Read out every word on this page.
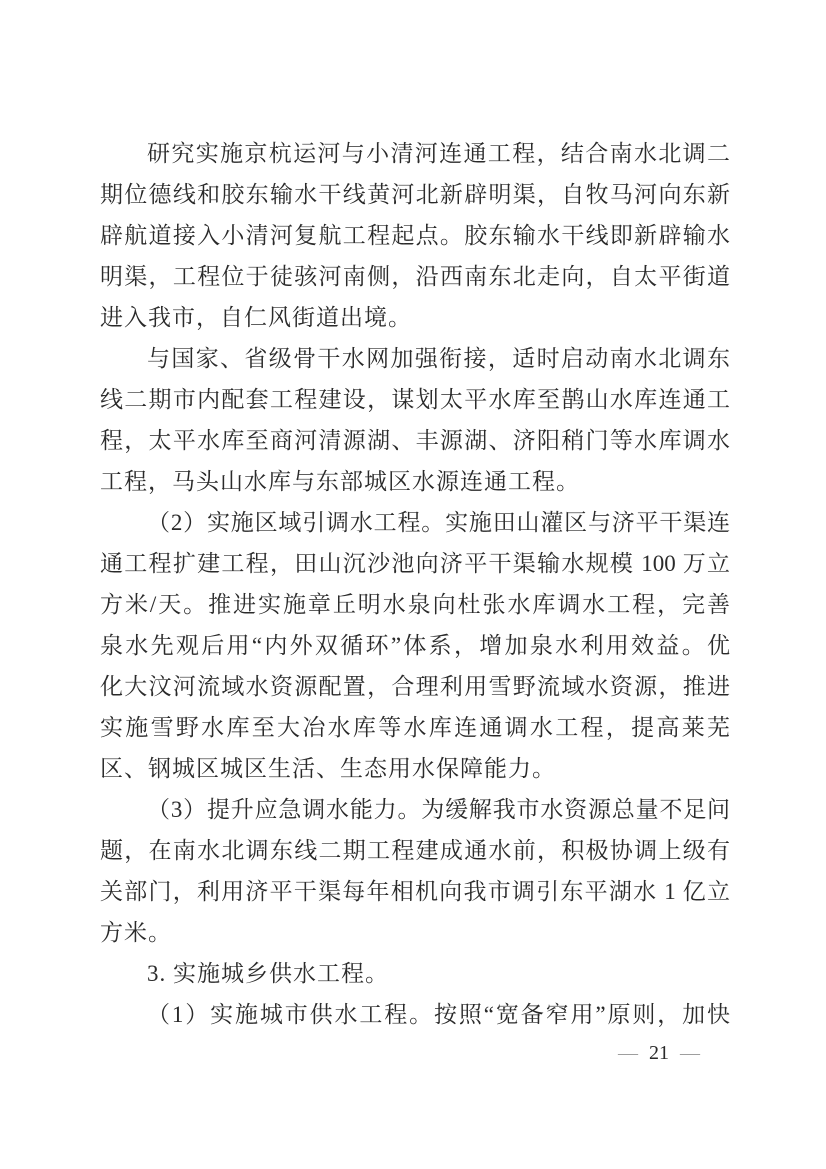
研究实施京杭运河与小清河连通工程，结合南水北调二
期位德线和胶东输水干线黄河北新辟明渠，自牧马河向东新
辟航道接入小清河复航工程起点。胶东输水干线即新辟输水
明渠，工程位于徒骇河南侧，沿西南东北走向，自太平街道
进入我市，自仁风街道出境。
与国家、省级骨干水网加强衔接，适时启动南水北调东
线二期市内配套工程建设，谋划太平水库至鹊山水库连通工
程，太平水库至商河清源湖、丰源湖、济阳稍门等水库调水
工程，马头山水库与东部城区水源连通工程。
（2）实施区域引调水工程。实施田山灌区与济平干渠连
通工程扩建工程，田山沉沙池向济平干渠输水规模 100 万立
方米/天。推进实施章丘明水泉向杜张水库调水工程，完善
泉水先观后用“内外双循环”体系，增加泉水利用效益。优
化大汶河流域水资源配置，合理利用雪野流域水资源，推进
实施雪野水库至大冶水库等水库连通调水工程，提高莱芜
区、钢城区城区生活、生态用水保障能力。
（3）提升应急调水能力。为缓解我市水资源总量不足问
题，在南水北调东线二期工程建成通水前，积极协调上级有
关部门，利用济平干渠每年相机向我市调引东平湖水 1 亿立
方米。
3. 实施城乡供水工程。
（1）实施城市供水工程。按照“宽备窄用”原则，加快
— 21 —
